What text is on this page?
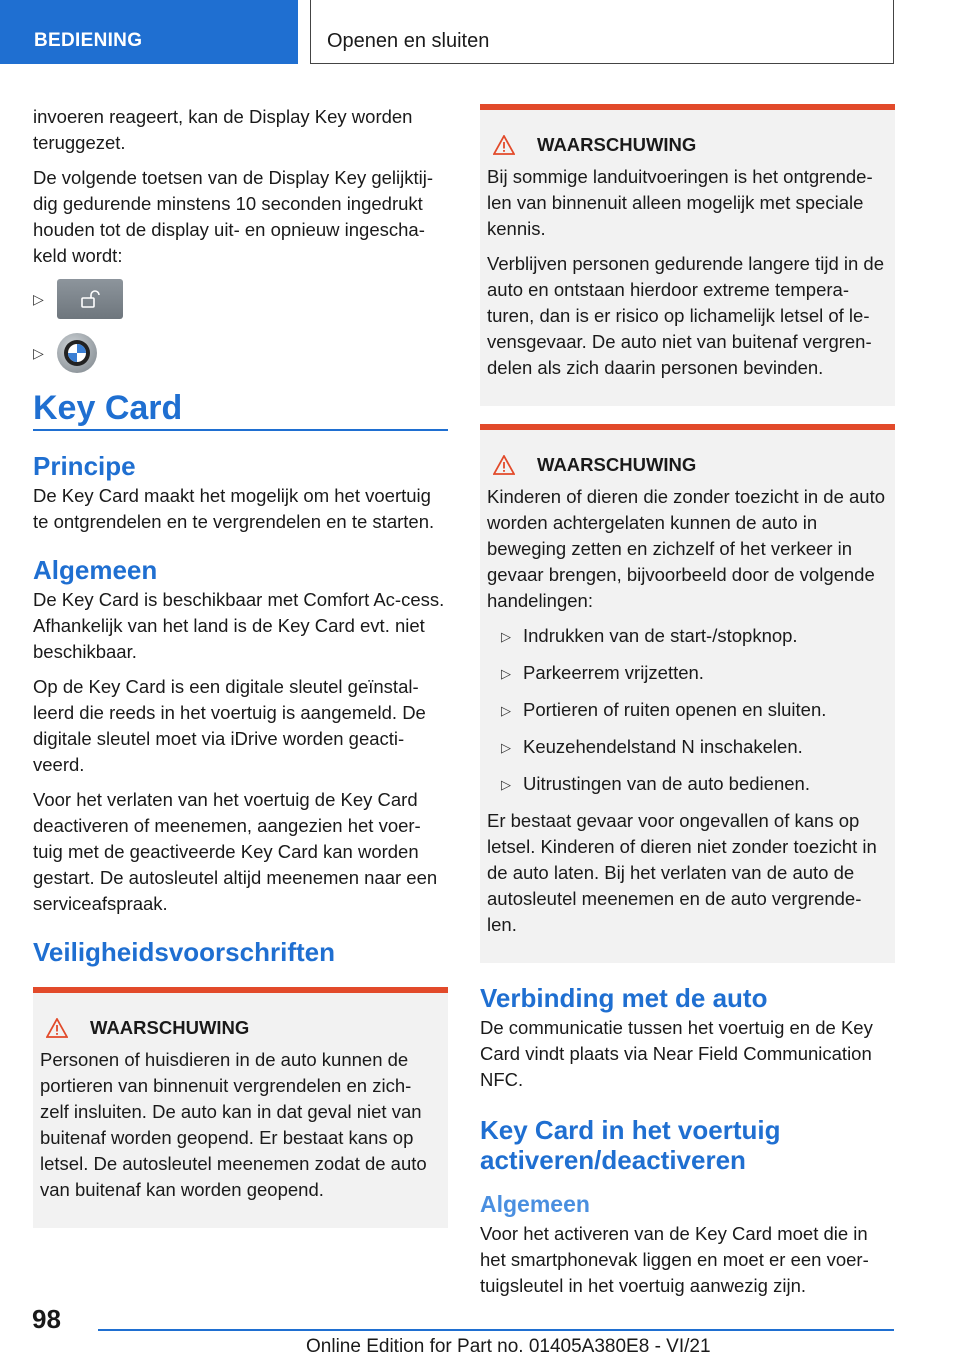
BEDIENING	Openen en sluiten

invoeren reageert, kan de Display Key worden teruggezet.

De volgende toetsen van de Display Key gelijktij-dig gedurende minstens 10 seconden ingedrukt houden tot de display uit- en opnieuw ingescha-keld wordt:

▷
▷
Key Card
Principe

De Key Card maakt het mogelijk om het voertuig te ontgrendelen en te vergrendelen en te starten.

Algemeen

De Key Card is beschikbaar met Comfort Ac-cess. Afhankelijk van het land is de Key Card evt. niet beschikbaar.

Op de Key Card is een digitale sleutel geïnstal-leerd die reeds in het voertuig is aangemeld. De digitale sleutel moet via iDrive worden geacti-veerd.

Voor het verlaten van het voertuig de Key Card deactiveren of meenemen, aangezien het voer-tuig met de geactiveerde Key Card kan worden gestart. De autosleutel altijd meenemen naar een serviceafspraak.

Veiligheidsvoorschriften
WAARSCHUWING

Personen of huisdieren in de auto kunnen de portieren van binnenuit vergrendelen en zich-zelf insluiten. De auto kan in dat geval niet van buitenaf worden geopend. Er bestaat kans op letsel. De autosleutel meenemen zodat de auto van buitenaf kan worden geopend.

WAARSCHUWING

Bij sommige landuitvoeringen is het ontgrende-len van binnenuit alleen mogelijk met speciale kennis.

Verblijven personen gedurende langere tijd in de auto en ontstaan hierdoor extreme tempera-turen, dan is er risico op lichamelijk letsel of le-vensgevaar. De auto niet van buitenaf vergren-delen als zich daarin personen bevinden.

WAARSCHUWING

Kinderen of dieren die zonder toezicht in de auto worden achtergelaten kunnen de auto in beweging zetten en zichzelf of het verkeer in gevaar brengen, bijvoorbeeld door de volgende handelingen:

▷ Indrukken van de start-/stopknop.
▷ Parkeerrem vrijzetten.
▷ Portieren of ruiten openen en sluiten.
▷ Keuzehendelstand N inschakelen.
▷ Uitrustingen van de auto bedienen.

Er bestaat gevaar voor ongevallen of kans op letsel. Kinderen of dieren niet zonder toezicht in de auto laten. Bij het verlaten van de auto de autosleutel meenemen en de auto vergrende-len.

Verbinding met de auto

De communicatie tussen het voertuig en de Key Card vindt plaats via Near Field Communication NFC.

Key Card in het voertuig activeren/deactiveren
Algemeen

Voor het activeren van de Key Card moet die in het smartphonevak liggen en moet er een voer-tuigsleutel in het voertuig aanwezig zijn.

98
Online Edition for Part no. 01405A380E8 - VI/21
